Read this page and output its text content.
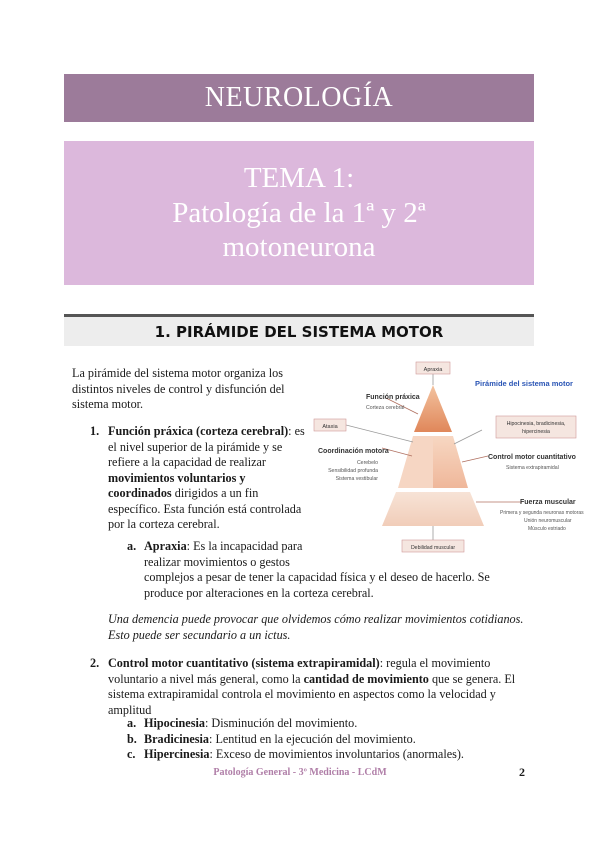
NEUROLOGÍA
TEMA 1:
Patología de la 1ª y 2ª
motoneurona
1. PIRÁMIDE DEL SISTEMA MOTOR
La pirámide del sistema motor organiza los
distintos niveles de control y disfunción del
sistema motor.
1. Función práxica (corteza cerebral): es
el nivel superior de la pirámide y se
refiere a la capacidad de realizar
movimientos voluntarios y
coordinados dirigidos a un fin
específico. Esta función está controlada
por la corteza cerebral.
a. Apraxia: Es la incapacidad para
realizar movimientos o gestos
complejos a pesar de tener la capacidad física y el deseo de hacerlo. Se
produce por alteraciones en la corteza cerebral.
Una demencia puede provocar que olvidemos cómo realizar movimientos cotidianos.
Esto puede ser secundario a un ictus.
2. Control motor cuantitativo (sistema extrapiramidal): regula el movimiento
voluntario a nivel más general, como la cantidad de movimiento que se genera. El
sistema extrapiramidal controla el movimiento en aspectos como la velocidad y
amplitud
a. Hipocinesia: Disminución del movimiento.
b. Bradicinesia: Lentitud en la ejecución del movimiento.
c. Hipercinesia: Exceso de movimientos involuntarios (anormales).
Apraxia
Ataxia	Hipocinesia, bradicinesia,
hipercinesia
Debilidad muscular
Pirámide del sistema motor
Función práxica
Corteza cerebral
Coordinación motora
Cerebelo
Sensibilidad profunda
Sistema vestibular
Control motor cuantitativo
Sistema extrapiramidal
Fuerza muscular
Primera y segunda neuronas motoras
Unión neuromuscular
Músculo estriado
Patología General - 3º Medicina - LCdM	2
